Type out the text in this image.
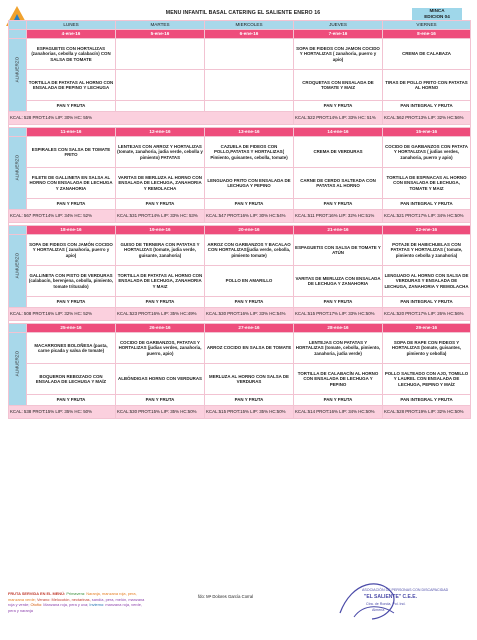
MENU INFANTIL BASAL CATERING EL SALIENTE ENERO 16	MINCA
EDICION 04
	LUNES	MARTES	MIERCOLES	JUEVES	VIERNES
	4-ene-16	5-ene-16	6-ene-16	7-ene-16	8-ene-16

ALMUERZO	ESPAGUETIS CON HORTALIZAS (zanahorias, cebolla y calabacín) CON SALSA DE TOMATE			SOPA DE FIDEOS CON JAMON COCIDO Y HORTALIZAS ( zanahoria, puerro y apio)	CREMA DE CALABAZA
	TORTILLA DE PATATAS AL HORNO CON ENSALADA DE PEPINO Y LECHUGA			CROQUETAS CON ENSALADA DE TOMATE Y MAIZ	TIRAS DE POLLO FRITO CON PATATAS AL HORNO
	PAN Y FRUTA			PAN Y FRUTA	PAN INTEGRAL Y FRUTA
KCAL: 528 PROT:14% LIP: 30% HC: 55%				KCAL:522 PROT:14% LIP: 33% HC: 51%	KCAL:562 PROT:13% LIP: 32% HC:56%

	11-ene-16	12-ene-16	13-ene-16	14-ene-16	15-ene-16

ALMUERZO	ESPIRALES CON SALSA DE TOMATE FRITO	LENTEJAS CON ARROZ Y HORTALIZAS (tomate, zanahoria, judia verde, cebolla y pimiento) PATATAS	CAZUELA DE FIDEOS CON POLLO,PATATAS Y HORTALIZAS( Pimiento, guisantes, cebolla, tomate)	CREMA DE VERDURAS	COCIDO DE GARBANZOS CON PATATA Y HORTALIZAS ( judias verdes, zanahoria, puerro y apio)
	FILETE DE GALLINETA EN SALSA AL HORNO CON ENSALADA DE LECHUGA Y ZANAHORIA	VARITAS DE MERLUZA AL HORNO CON ENSALADA DE LECHUGA, ZANAHORIA Y REMOLACHA	LENGUADO FRITO CON ENSALADA DE LECHUGA Y PEPINO	CARNE DE CERDO SALTEADA CON PATATAS AL HORNO	TORTILLA DE ESPINACAS AL HORNO CON ENSALADA DE LECHUGA, TOMATE Y MAIZ
	PAN Y FRUTA	PAN Y FRUTA	PAN Y FRUTA	PAN Y FRUTA	PAN INTEGRAL Y FRUTA
KCAL: 567 PROT:14% LIP: 34% HC: 52%		KCAL:531 PROT:14% LIP: 33% HC: 53%	KCAL:547 PROT:16% LIP: 30% HC:54%	KCAL:511 PROT:16% LIP: 32% HC:51%	KCAL:521 PROT:17% LIP: 34% HC:50%

	18-ene-16	19-ene-16	20-ene-16	21-ene-16	22-ene-16

ALMUERZO	SOPA DE FIDEOS CON JAMÓN COCIDO Y HORTALIZAS ( zanahoria, puerro y apio)	GUISO DE TERNERA CON PATATAS Y HORTALIZAS (tomate, judia verde, guisante, zanahoria)	ARROZ CON GARBANZOS Y BACALAO CON HORTALIZAS(judia verde, cebolla, pimiento tomate)	ESPAGUETIS CON SALSA DE TOMATE Y ATÚN	POTAJE DE HABICHUELAS CON PATATAS Y HORTALIZAS ( tomate, pimiento cebolla y zanahoria)
	GALLINETA CON PISTO DE VERDURAS (calabacín, berenjena, cebolla, pimiento, tomate triturado)	TORTILLA DE PATATAS AL HORNO CON ENSALADA DE LECHUGA, ZANAHORIA Y MAIZ	POLLO EN AMARILLO	VARITAS DE MERLUZA CON ENSALADA DE LECHUGA Y ZANAHORIA	LENGUADO AL HORNO CON SALSA DE VERDURAS Y ENSALADA DE LECHUGA, ZANAHORIA Y REMOLACHA
	PAN Y FRUTA	PAN Y FRUTA	PAN Y FRUTA	PAN Y FRUTA	PAN INTEGRAL Y FRUTA
KCAL: 508 PROT:16% LIP: 32% HC: 52%		KCAL:523 PROT:16% LIP: 35% HC:49%	KCAL:530 PROT:16% LIP: 33% HC:54%	KCAL:515 PROT:17% LIP: 33% HC:50%	KCAL:520 PROT:17% LIP: 26% HC:56%

	25-ene-16	26-ene-16	27-ene-16	28-ene-16	29-ene-16

ALMUERZO	MACARRONES BOLOÑESA (pasta, carne picada y salsa de tomate)	COCIDO DE GARBANZOS, PATATAS Y HORTALIZAS (judias verdes, zanahoria, puerro, apio)	ARROZ COCIDO EN SALSA DE TOMATE	LENTEJAS CON PATATAS Y HORTALIZAS (tomate, cebolla, pimiento, zanahoria, judia verde)	SOPA DE RAPE CON FIDEOS Y HORTALIZAS (tomate, guisantes, pimiento y cebolla)
	BOQUERON REBOZADO CON ENSALADA DE LECHUGA Y MAÍZ	ALBÓNDIGAS HORNO CON VERDURAS	MERLUZA AL HORNO CON SALSA DE VERDURAS	TORTILLA DE CALABACÍN AL HORNO CON ENSALADA DE LECHUGA Y PEPINO	POLLO SALTEADO CON AJO, TOMILLO Y LAUREL CON ENSALADA DE LECHUGA, PEPINO Y MAÍZ
	PAN Y FRUTA	PAN Y FRUTA	PAN Y FRUTA	PAN Y FRUTA	PAN INTEGRAL Y FRUTA
KCAL: 538 PROT:15% LIP: 35% HC: 50%		KCAL:530 PROT:15% LIP: 35% HC:50%	KCAL:515 PROT:15% LIP: 35% HC:50%	KCAL:514 PROT:16% LIP: 34% HC:50%	KCAL:528 PROT:19% LIP: 32% HC:50%
FRUTA SERVIDA EN EL MENÚ: Primavera: Naranja, manzana roja, pera, manzana verde; Verano: Melocotón, nectarinas, sandía, pera, melón, manzana roja y verde; Otoño: Manzana roja, pera y uva; Invierno: manzana roja, verde, pera y naranja
fdo: Mª Dolores García Corral
ASOCIACIÓN DE PERSONAS CON DISCAPACIDAD
"EL SALIENTE" C.E.E.
Ctra. de Ronda, Pol. Ind.
Almería
